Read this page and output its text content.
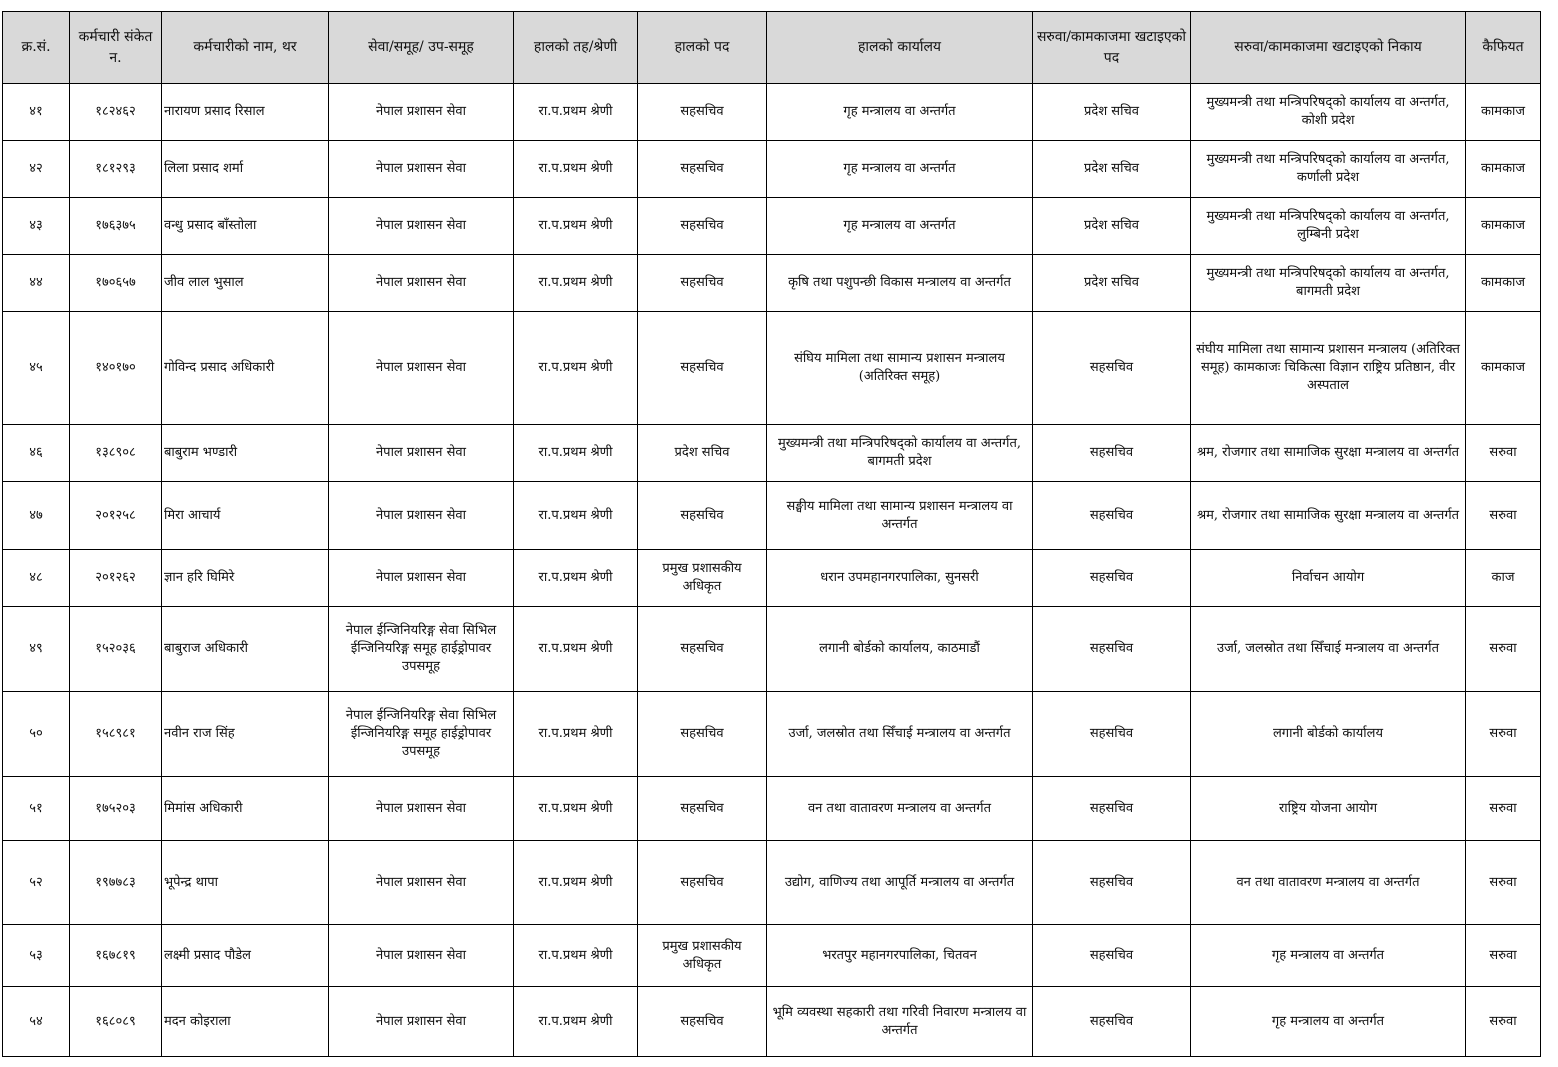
क्र.सं.	कर्मचारी संकेत न.	कर्मचारीको नाम, थर	सेवा/समूह/ उप-समूह	हालको तह/श्रेणी	हालको पद	हालको कार्यालय	सरुवा/कामकाजमा खटाइएको पद	सरुवा/कामकाजमा खटाइएको निकाय	कैफियत
४१	१८२४६२	नारायण प्रसाद रिसाल	नेपाल प्रशासन सेवा	रा.प.प्रथम श्रेणी	सहसचिव	गृह मन्त्रालय वा अन्तर्गत	प्रदेश सचिव	मुख्यमन्त्री तथा मन्त्रिपरिषद्को कार्यालय वा अन्तर्गत, कोशी प्रदेश	कामकाज
४२	१८१२९३	लिला प्रसाद शर्मा	नेपाल प्रशासन सेवा	रा.प.प्रथम श्रेणी	सहसचिव	गृह मन्त्रालय वा अन्तर्गत	प्रदेश सचिव	मुख्यमन्त्री तथा मन्त्रिपरिषद्को कार्यालय वा अन्तर्गत, कर्णाली प्रदेश	कामकाज
४३	१७६३७५	वन्धु प्रसाद बाँस्तोला	नेपाल प्रशासन सेवा	रा.प.प्रथम श्रेणी	सहसचिव	गृह मन्त्रालय वा अन्तर्गत	प्रदेश सचिव	मुख्यमन्त्री तथा मन्त्रिपरिषद्को कार्यालय वा अन्तर्गत, लुम्बिनी प्रदेश	कामकाज
४४	१७०६५७	जीव लाल भुसाल	नेपाल प्रशासन सेवा	रा.प.प्रथम श्रेणी	सहसचिव	कृषि तथा पशुपन्छी विकास मन्त्रालय वा अन्तर्गत	प्रदेश सचिव	मुख्यमन्त्री तथा मन्त्रिपरिषद्को कार्यालय वा अन्तर्गत, बागमती प्रदेश	कामकाज
४५	१४०१७०	गोविन्द प्रसाद अधिकारी	नेपाल प्रशासन सेवा	रा.प.प्रथम श्रेणी	सहसचिव	संघिय मामिला तथा सामान्य प्रशासन मन्त्रालय (अतिरिक्त समूह)	सहसचिव	संघीय मामिला तथा सामान्य प्रशासन मन्त्रालय (अतिरिक्त समूह) कामकाजः चिकित्सा विज्ञान राष्ट्रिय प्रतिष्ठान, वीर अस्पताल	कामकाज
४६	१३८९०८	बाबुराम भण्डारी	नेपाल प्रशासन सेवा	रा.प.प्रथम श्रेणी	प्रदेश सचिव	मुख्यमन्त्री तथा मन्त्रिपरिषद्को कार्यालय वा अन्तर्गत, बागमती प्रदेश	सहसचिव	श्रम, रोजगार तथा सामाजिक सुरक्षा मन्त्रालय वा अन्तर्गत	सरुवा
४७	२०१२५८	मिरा आचार्य	नेपाल प्रशासन सेवा	रा.प.प्रथम श्रेणी	सहसचिव	सङ्घीय मामिला तथा सामान्य प्रशासन मन्त्रालय वा अन्तर्गत	सहसचिव	श्रम, रोजगार तथा सामाजिक सुरक्षा मन्त्रालय वा अन्तर्गत	सरुवा
४८	२०१२६२	ज्ञान हरि घिमिरे	नेपाल प्रशासन सेवा	रा.प.प्रथम श्रेणी	प्रमुख प्रशासकीय अधिकृत	धरान उपमहानगरपालिका, सुनसरी	सहसचिव	निर्वाचन आयोग	काज
४९	१५२०३६	बाबुराज अधिकारी	नेपाल ईन्जिनियरिङ्ग सेवा सिभिल ईन्जिनियरिङ्ग समूह हाईड्रोपावर उपसमूह	रा.प.प्रथम श्रेणी	सहसचिव	लगानी बोर्डको कार्यालय, काठमाडौं	सहसचिव	उर्जा, जलस्रोत तथा सिँचाई मन्त्रालय वा अन्तर्गत	सरुवा
५०	१५८९८१	नवीन राज सिंह	नेपाल ईन्जिनियरिङ्ग सेवा सिभिल ईन्जिनियरिङ्ग समूह हाईड्रोपावर उपसमूह	रा.प.प्रथम श्रेणी	सहसचिव	उर्जा, जलस्रोत तथा सिँचाई मन्त्रालय वा अन्तर्गत	सहसचिव	लगानी बोर्डको कार्यालय	सरुवा
५१	१७५२०३	मिमांस अधिकारी	नेपाल प्रशासन सेवा	रा.प.प्रथम श्रेणी	सहसचिव	वन तथा वातावरण मन्त्रालय वा अन्तर्गत	सहसचिव	राष्ट्रिय योजना आयोग	सरुवा
५२	१९७७८३	भूपेन्द्र थापा	नेपाल प्रशासन सेवा	रा.प.प्रथम श्रेणी	सहसचिव	उद्योग, वाणिज्य तथा आपूर्ति मन्त्रालय वा अन्तर्गत	सहसचिव	वन तथा वातावरण मन्त्रालय वा अन्तर्गत	सरुवा
५३	१६७८१९	लक्ष्मी प्रसाद पौडेल	नेपाल प्रशासन सेवा	रा.प.प्रथम श्रेणी	प्रमुख प्रशासकीय अधिकृत	भरतपुर महानगरपालिका, चितवन	सहसचिव	गृह मन्त्रालय वा अन्तर्गत	सरुवा
५४	१६८०८९	मदन कोइराला	नेपाल प्रशासन सेवा	रा.प.प्रथम श्रेणी	सहसचिव	भूमि व्यवस्था सहकारी तथा गरिवी निवारण मन्त्रालय वा अन्तर्गत	सहसचिव	गृह मन्त्रालय वा अन्तर्गत	सरुवा
